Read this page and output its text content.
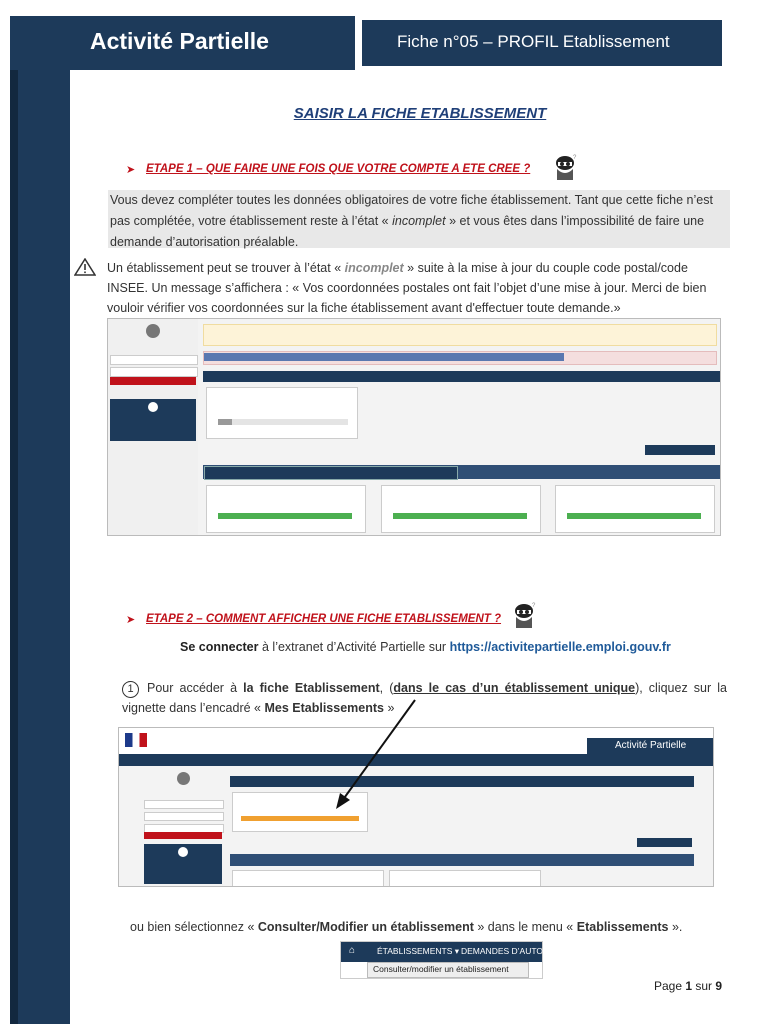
Activité Partielle	Fiche n°05 – PROFIL Etablissement
SAISIR LA FICHE ETABLISSEMENT
➤ ETAPE 1 – QUE FAIRE UNE FOIS QUE VOTRE COMPTE A ETE CREE ?
?
Vous devez compléter toutes les données obligatoires de votre fiche établissement. Tant que cette fiche n’est pas complétée, votre établissement reste à l’état « incomplet » et vous êtes dans l’impossibilité de faire une demande d’autorisation préalable.
Un établissement peut se trouver à l’état « incomplet » suite à la mise à jour du couple code postal/code INSEE. Un message s’affichera : « Vos coordonnées postales ont fait l’objet d’une mise à jour. Merci de bien vouloir vérifier vos coordonnées sur la fiche établissement avant d'effectuer toute demande.»
➤ ETAPE 2 – COMMENT AFFICHER UNE FICHE ETABLISSEMENT ?
?
Se connecter à l’extranet d’Activité Partielle sur https://activitepartielle.emploi.gouv.fr
1 Pour accéder à la fiche Etablissement, (dans le cas d’un établissement unique), cliquez sur la vignette dans l’encadré « Mes Etablissements »
Activité Partielle
ou bien sélectionnez « Consulter/Modifier un établissement » dans le menu « Etablissements ».
⌂	ÉTABLISSEMENTS ▾ DEMANDES D’AUTORIS
Consulter/modifier un établissement
Page 1 sur 9
